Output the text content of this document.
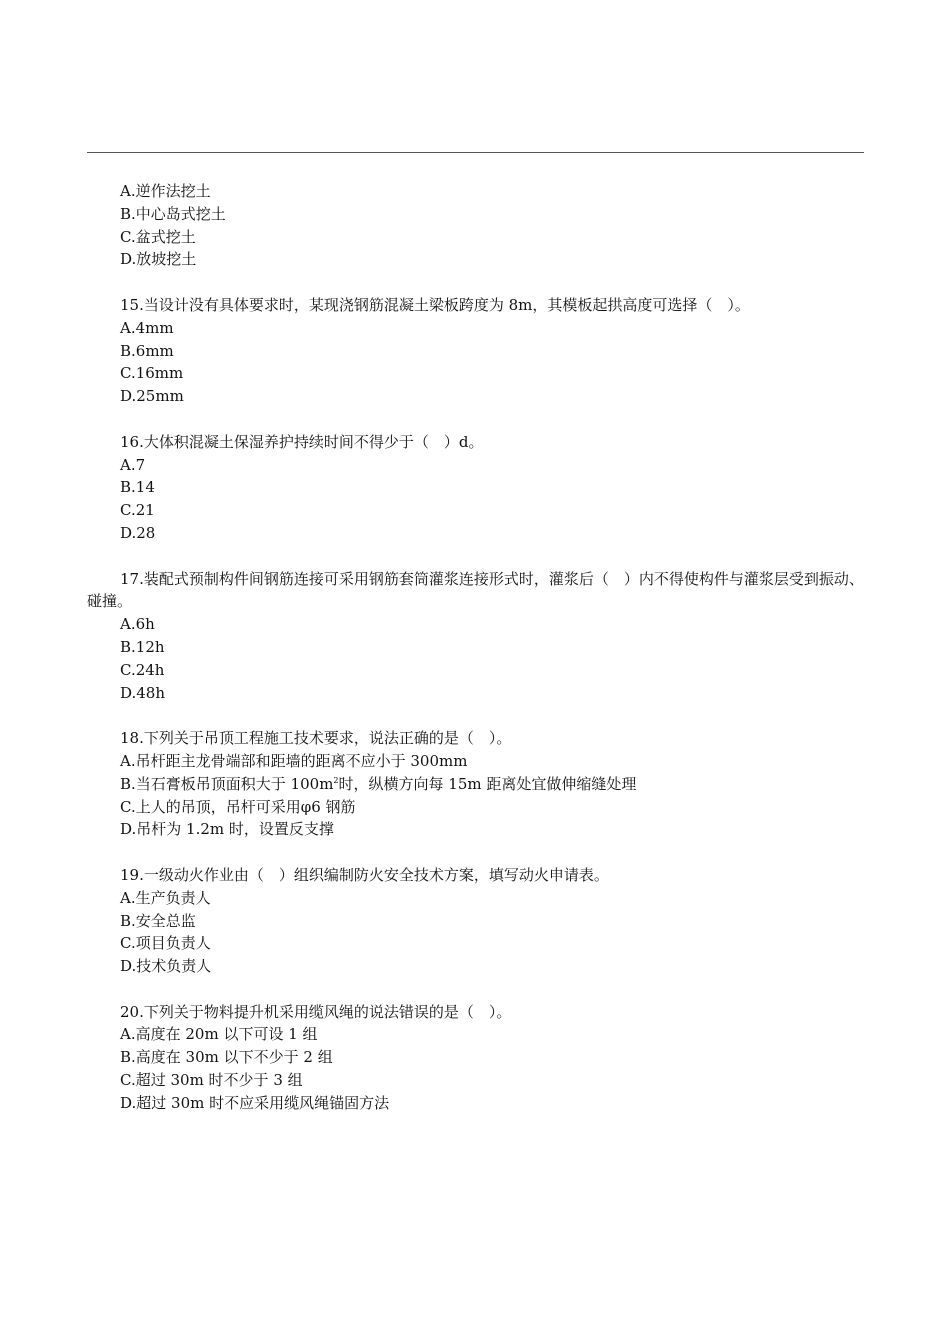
A.逆作法挖土

B.中心岛式挖土

C.盆式挖土

D.放坡挖土

15.当设计没有具体要求时，某现浇钢筋混凝土梁板跨度为 8m，其模板起拱高度可选择（　）。

A.4mm

B.6mm

C.16mm

D.25mm

16.大体积混凝土保湿养护持续时间不得少于（　）d。

A.7

B.14

C.21

D.28

17.装配式预制构件间钢筋连接可采用钢筋套筒灌浆连接形式时，灌浆后（　）内不得使构件与灌浆层受到振动、碰撞。

A.6h

B.12h

C.24h

D.48h

18.下列关于吊顶工程施工技术要求，说法正确的是（　）。

A.吊杆距主龙骨端部和距墙的距离不应小于 300mm

B.当石膏板吊顶面积大于 $100m^2$时，纵横方向每 15m 距离处宜做伸缩缝处理

C.上人的吊顶，吊杆可采用φ6 钢筋

D.吊杆为 1.2m 时，设置反支撑

19.一级动火作业由（　）组织编制防火安全技术方案，填写动火申请表。

A.生产负责人

B.安全总监

C.项目负责人

D.技术负责人

20.下列关于物料提升机采用缆风绳的说法错误的是（　）。

A.高度在 20m 以下可设 1 组

B.高度在 30m 以下不少于 2 组

C.超过 30m 时不少于 3 组

D.超过 30m 时不应采用缆风绳锚固方法
